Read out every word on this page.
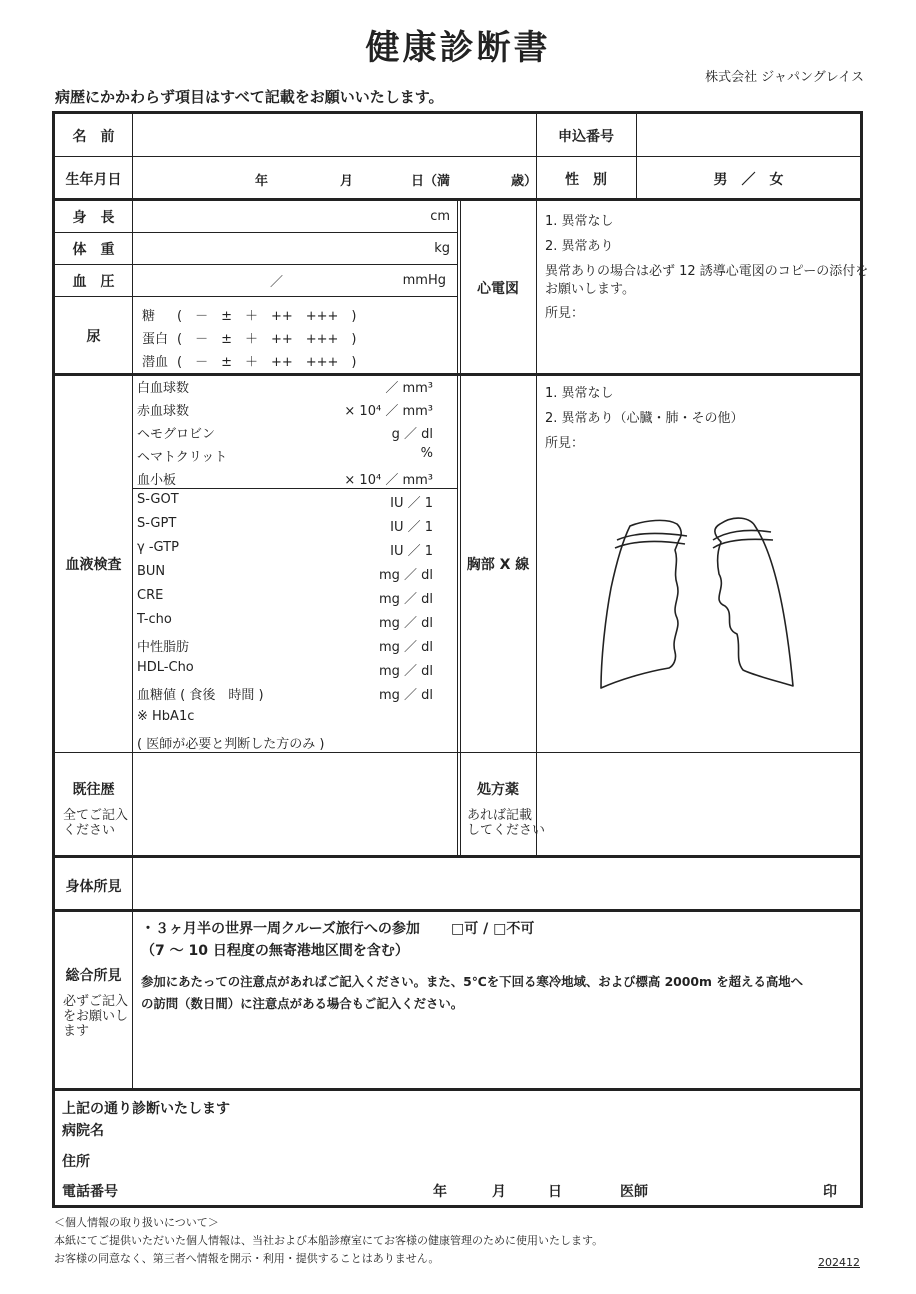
健康診断書
株式会社 ジャパングレイス
病歴にかかわらず項目はすべて記載をお願いいたします。
名　前	申込番号
生年月日	年	月	日（満	歳）	性　別	男　／　女
身　長	cm
体　重	kg
血　圧	／	mmHg
尿
糖 (　－　±　＋　++　+++　)
蛋白 (　－　±　＋　++　+++　)
潜血 (　－　±　＋　++　+++　)
心電図
1. 異常なし
2. 異常あり
異常ありの場合は必ず 12 誘導心電図のコピーの添付を
お願いします。
所見：
血液検査
白血球数	／ mm³
赤血球数	× 10⁴ ／ mm³
ヘモグロビン	g ／ dl
ヘマトクリット	%
血小板	× 10⁴ ／ mm³
S-GOT	IU ／ 1
S-GPT	IU ／ 1
γ -GTP	IU ／ 1
BUN	mg ／ dl
CRE	mg ／ dl
T-cho	mg ／ dl
中性脂肪	mg ／ dl
HDL-Cho	mg ／ dl
血糖値 ( 食後　時間 )	mg ／ dl
※ HbA1c
( 医師が必要と判断した方のみ )
胸部 X 線
1. 異常なし
2. 異常あり（心臓・肺・その他）
所見：
既往歴
全てご記入
ください
処方薬
あれば記載
してください
身体所見
総合所見
必ずご記入
をお願いし
ます
・３ヶ月半の世界一周クルーズ旅行への参加 □可 / □不可
（7 ～ 10 日程度の無寄港地区間を含む）
参加にあたっての注意点があればご記入ください。また、5℃を下回る寒冷地域、および標高 2000m を超える高地へ
の訪問（数日間）に注意点がある場合もご記入ください。
上記の通り診断いたします
病院名
住所
電話番号	年	月	日	医師	印
＜個人情報の取り扱いについて＞
本紙にてご提供いただいた個人情報は、当社および本船診療室にてお客様の健康管理のために使用いたします。
お客様の同意なく、第三者へ情報を開示・利用・提供することはありません。	202412
